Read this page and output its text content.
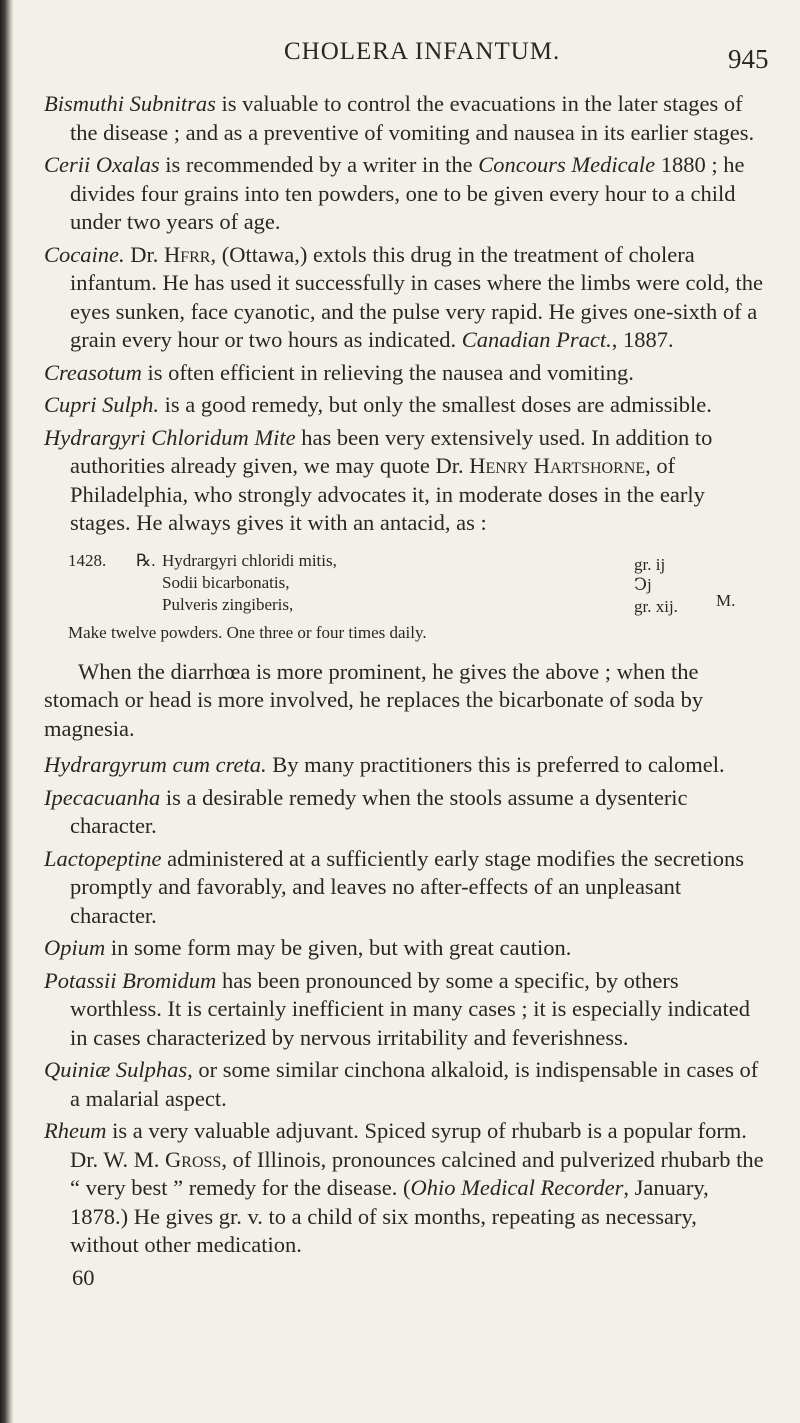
CHOLERA INFANTUM.	945

Bismuthi Subnitras is valuable to control the evacuations in the later stages of the disease ; and as a preventive of vomiting and nausea in its earlier stages.

Cerii Oxalas is recommended by a writer in the Concours Medicale 1880 ; he divides four grains into ten powders, one to be given every hour to a child under two years of age.

Cocaine. Dr. Hfrr, (Ottawa,) extols this drug in the treatment of cholera infantum. He has used it successfully in cases where the limbs were cold, the eyes sunken, face cyanotic, and the pulse very rapid. He gives one-sixth of a grain every hour or two hours as indicated. Canadian Pract., 1887.

Creasotum is often efficient in relieving the nausea and vomiting.

Cupri Sulph. is a good remedy, but only the smallest doses are admissible.

Hydrargyri Chloridum Mite has been very extensively used. In addition to authorities already given, we may quote Dr. Henry Hartshorne, of Philadelphia, who strongly advocates it, in moderate doses in the early stages. He always gives it with an antacid, as :

1428. ℞. Hydrargyri chloridi mitis,	gr. ij
Sodii bicarbonatis,	Ↄj
Pulveris zingiberis,	gr. xij. M.
Make twelve powders. One three or four times daily.

When the diarrhœa is more prominent, he gives the above ; when the stomach or head is more involved, he replaces the bicarbonate of soda by magnesia.

Hydrargyrum cum creta. By many practitioners this is preferred to calomel.

Ipecacuanha is a desirable remedy when the stools assume a dysenteric character.

Lactopeptine administered at a sufficiently early stage modifies the secretions promptly and favorably, and leaves no after-effects of an unpleasant character.

Opium in some form may be given, but with great caution.

Potassii Bromidum has been pronounced by some a specific, by others worthless. It is certainly inefficient in many cases ; it is especially indicated in cases characterized by nervous irritability and feverishness.

Quiniæ Sulphas, or some similar cinchona alkaloid, is indispensable in cases of a malarial aspect.

Rheum is a very valuable adjuvant. Spiced syrup of rhubarb is a popular form. Dr. W. M. Gross, of Illinois, pronounces calcined and pulverized rhubarb the “ very best ” remedy for the disease. (Ohio Medical Recorder, January, 1878.) He gives gr. v. to a child of six months, repeating as necessary, without other medication.

60
